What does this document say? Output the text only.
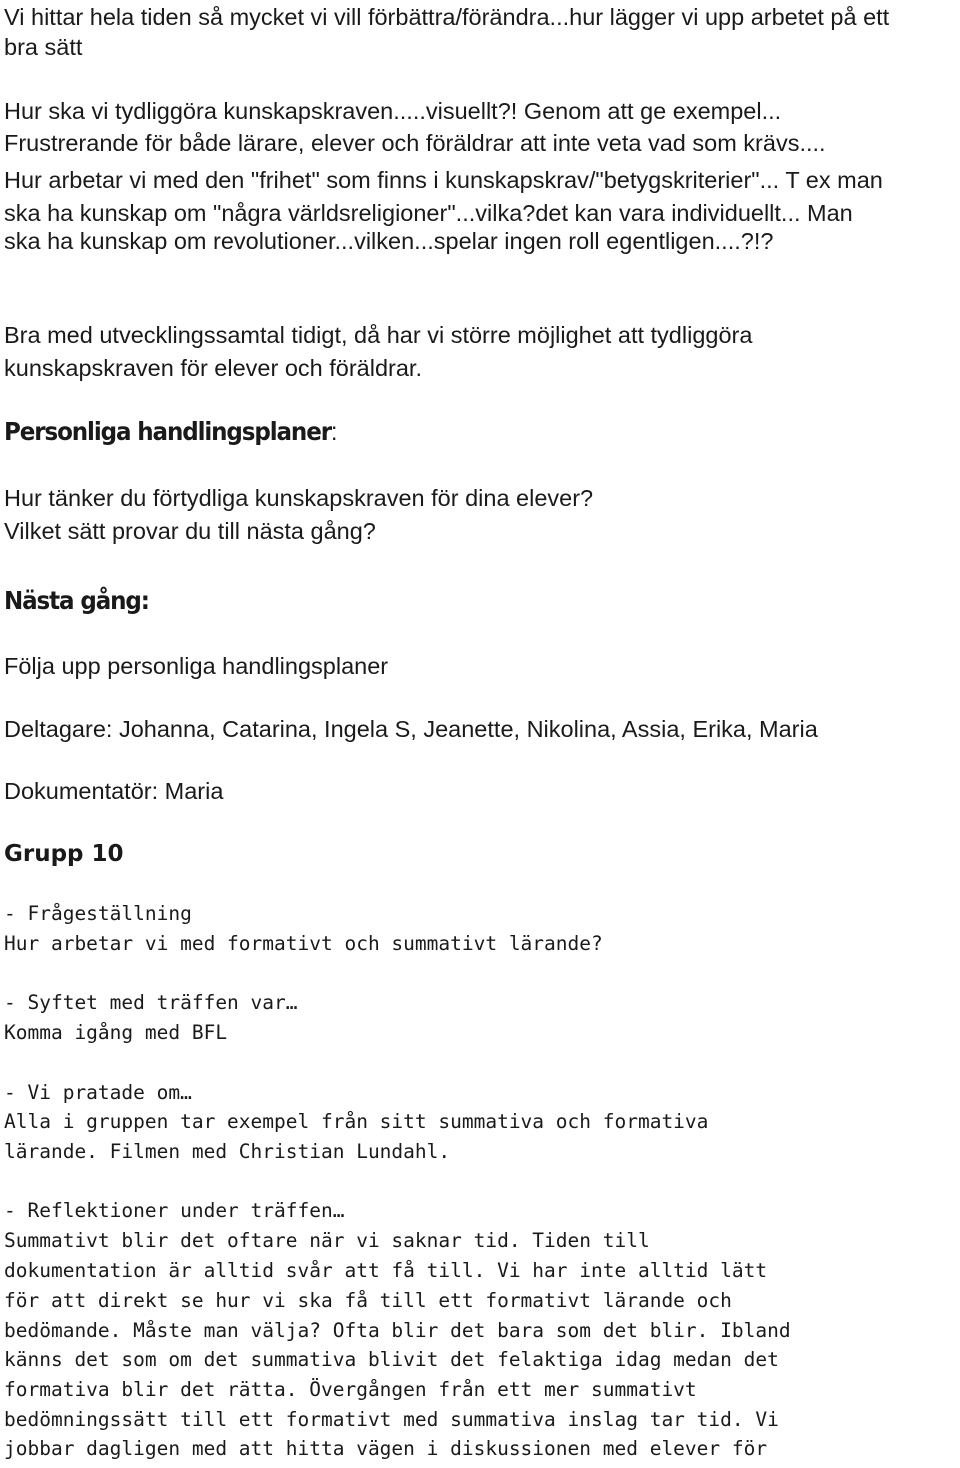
Vi hittar hela tiden så mycket vi vill förbättra/förändra...hur lägger vi upp arbetet på ett

bra sätt

Hur ska vi tydliggöra kunskapskraven.....visuellt?! Genom att ge exempel...

Frustrerande för både lärare, elever och föräldrar att inte veta vad som krävs....

Hur arbetar vi med den "frihet" som finns i kunskapskrav/"betygskriterier"... T ex man

ska ha kunskap om "några världsreligioner"...vilka?det kan vara individuellt... Man

ska ha kunskap om revolutioner...vilken...spelar ingen roll egentligen....?!?

Bra med utvecklingssamtal tidigt, då har vi större möjlighet att tydliggöra

kunskapskraven för elever och föräldrar.

Personliga handlingsplaner:

Hur tänker du förtydliga kunskapskraven för dina elever?

Vilket sätt provar du till nästa gång?

Nästa gång:

Följa upp personliga handlingsplaner

Deltagare: Johanna, Catarina, Ingela S, Jeanette, Nikolina, Assia, Erika, Maria

Dokumentatör: Maria

Grupp 10

- Frågeställning

Hur arbetar vi med formativt och summativt lärande?

- Syftet med träffen var…

Komma igång med BFL

- Vi pratade om…

Alla i gruppen tar exempel från sitt summativa och formativa

lärande. Filmen med Christian Lundahl.

- Reflektioner under träffen…

Summativt blir det oftare när vi saknar tid. Tiden till

dokumentation är alltid svår att få till. Vi har inte alltid lätt

för att direkt se hur vi ska få till ett formativt lärande och

bedömande. Måste man välja? Ofta blir det bara som det blir. Ibland

känns det som om det summativa blivit det felaktiga idag medan det

formativa blir det rätta. Övergången från ett mer summativt

bedömningssätt till ett formativt med summativa inslag tar tid. Vi

jobbar dagligen med att hitta vägen i diskussionen med elever för
